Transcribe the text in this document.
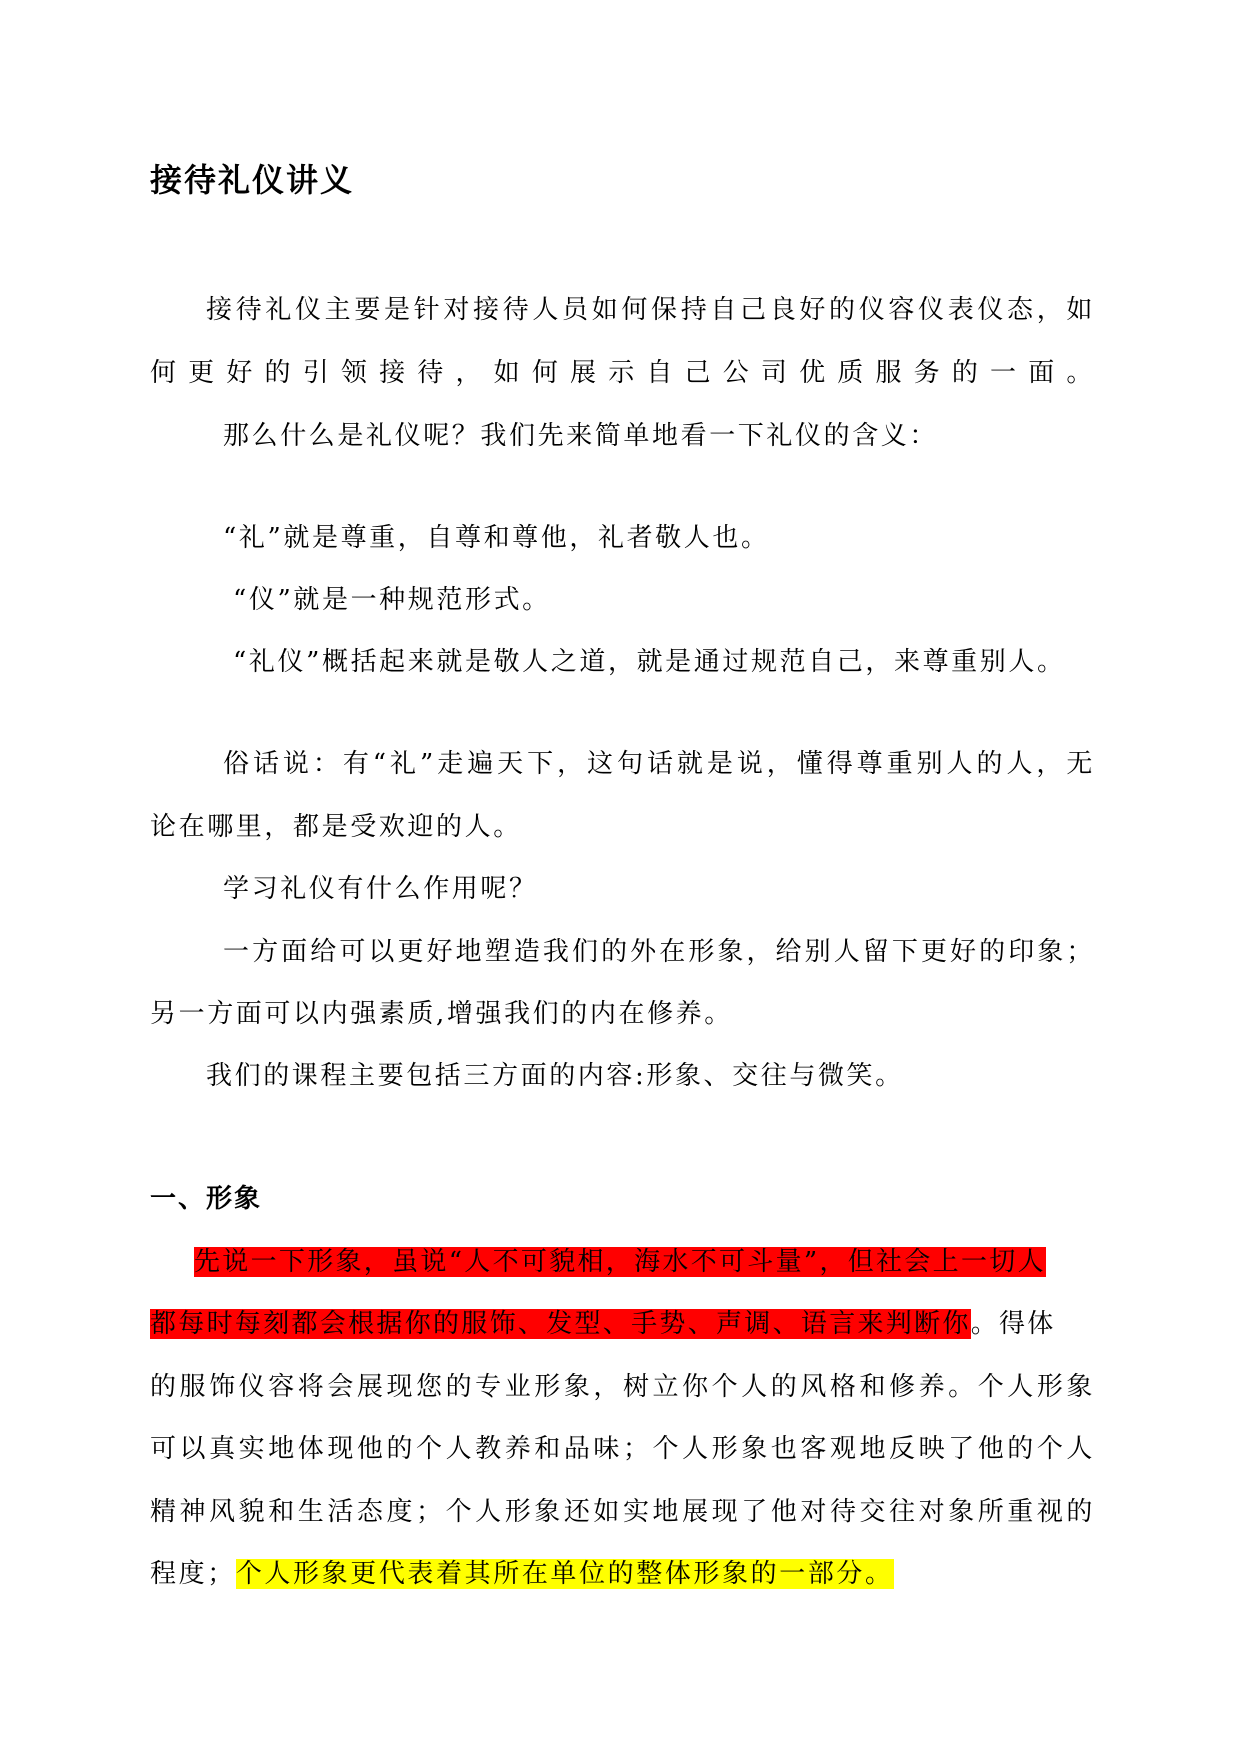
接待礼仪讲义
接待礼仪主要是针对接待人员如何保持自己良好的仪容仪表仪态，如
何更好的引领接待，如何展示自己公司优质服务的一面。
那么什么是礼仪呢？我们先来简单地看一下礼仪的含义：
“礼”就是尊重，自尊和尊他，礼者敬人也。
“仪”就是一种规范形式。
“礼仪”概括起来就是敬人之道，就是通过规范自己，来尊重别人。
俗话说：有“礼”走遍天下，这句话就是说，懂得尊重别人的人，无
论在哪里，都是受欢迎的人。
学习礼仪有什么作用呢？
一方面给可以更好地塑造我们的外在形象，给别人留下更好的印象；
另一方面可以内强素质,增强我们的内在修养。
我们的课程主要包括三方面的内容:形象、交往与微笑。
一、形象
先说一下形象，虽说“人不可貌相，海水不可斗量”，但社会上一切人
都每时每刻都会根据你的服饰、发型、手势、声调、语言来判断你。得体
的服饰仪容将会展现您的专业形象，树立你个人的风格和修养。个人形象
可以真实地体现他的个人教养和品味；个人形象也客观地反映了他的个人
精神风貌和生活态度；个人形象还如实地展现了他对待交往对象所重视的
程度；个人形象更代表着其所在单位的整体形象的一部分。
